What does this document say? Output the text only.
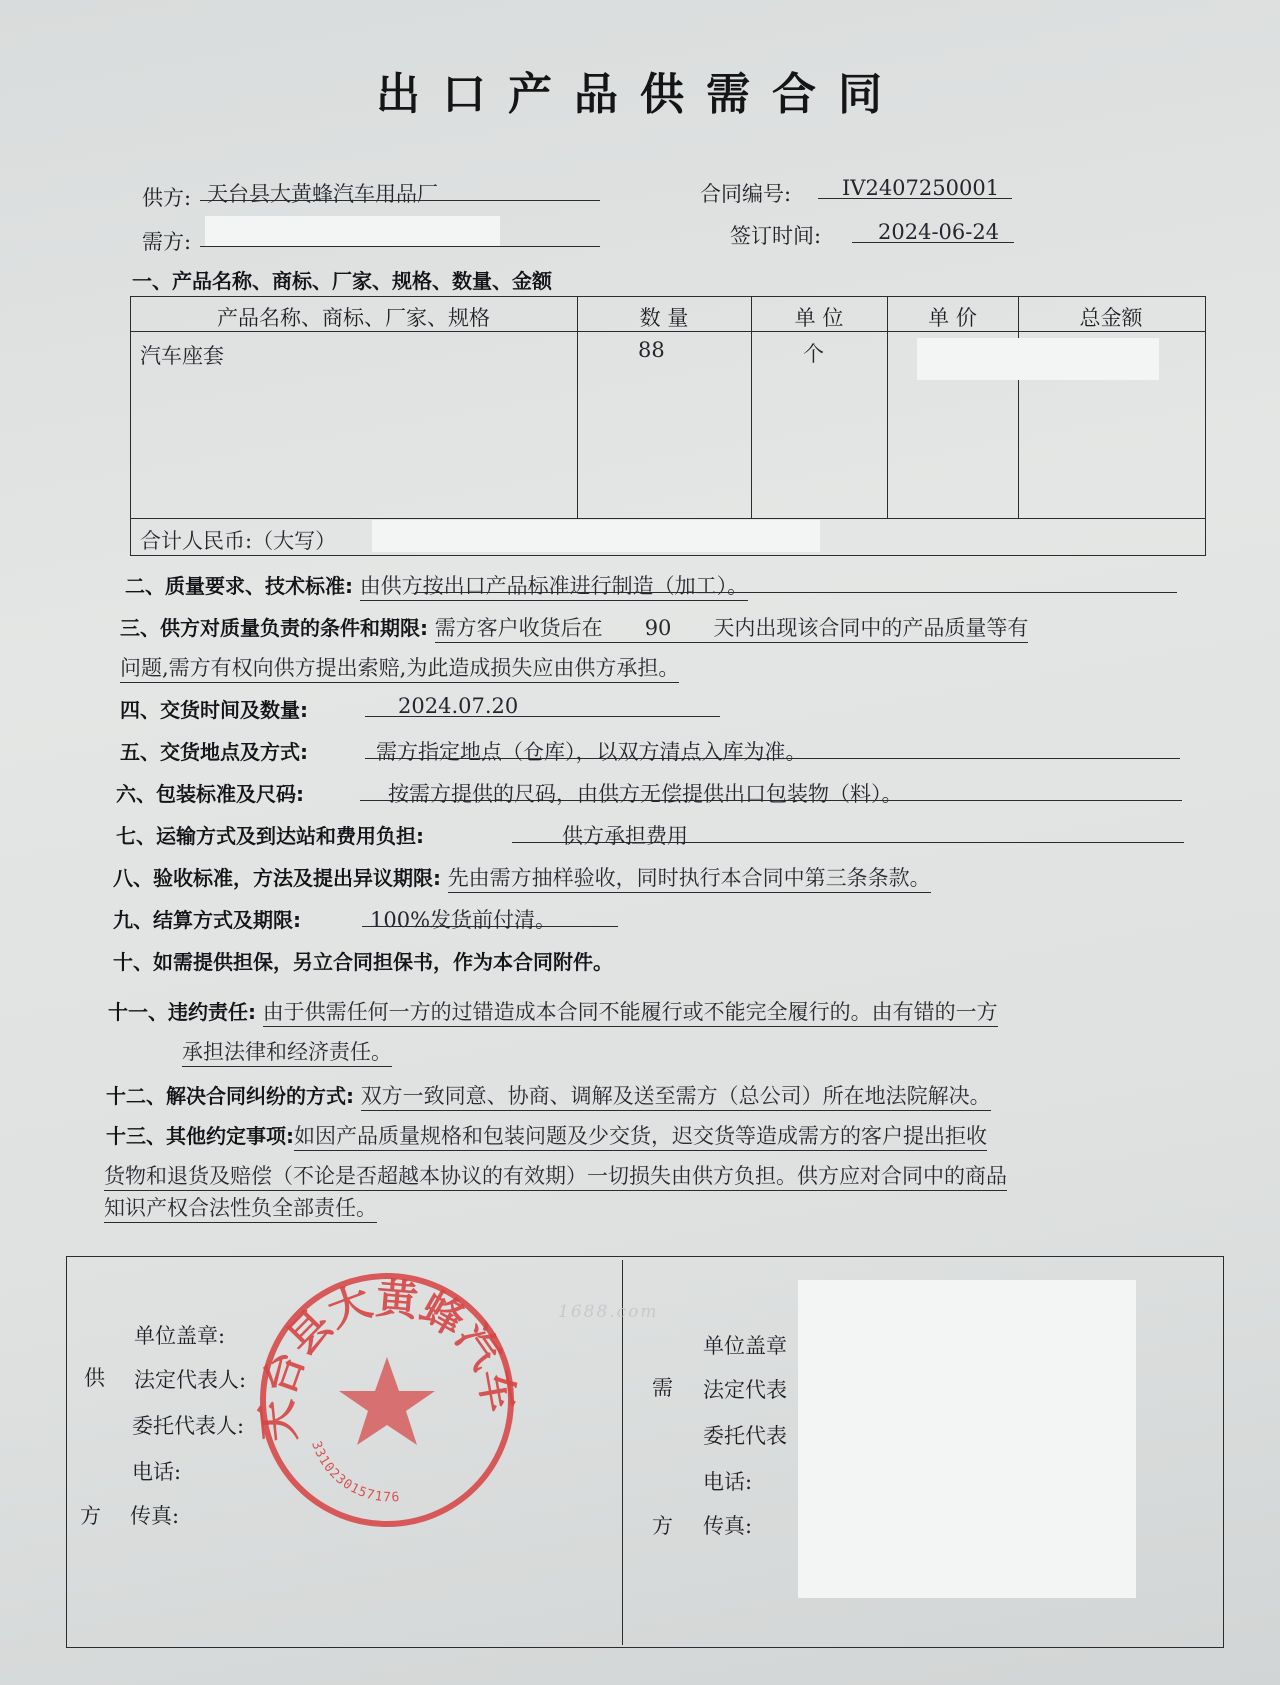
出口产品供需合同
供方: 天台县大黄蜂汽车用品厂
需方:
合同编号: IV2407250001
签订时间:	2024-06-24
一、产品名称、商标、厂家、规格、数量、金额
产品名称、商标、厂家、规格	数 量	单 位	单 价	总金额
汽车座套	88	个
合计人民币:（大写）
二、质量要求、技术标准: 由供方按出口产品标准进行制造（加工）。
三、供方对质量负责的条件和期限: 需方客户收货后在　　 90　　 天内出现该合同中的产品质量等有
问题,需方有权向供方提出索赔,为此造成损失应由供方承担。
四、交货时间及数量:	2024.07.20
五、交货地点及方式:	需方指定地点（仓库），以双方清点入库为准。
六、包装标准及尺码:	按需方提供的尺码，由供方无偿提供出口包装物（料）。
七、运输方式及到达站和费用负担:	供方承担费用
八、验收标准，方法及提出异议期限: 先由需方抽样验收，同时执行本合同中第三条条款。
九、结算方式及期限:	100%发货前付清。
十、如需提供担保，另立合同担保书，作为本合同附件。
十一、违约责任: 由于供需任何一方的过错造成本合同不能履行或不能完全履行的。由有错的一方
承担法律和经济责任。
十二、解决合同纠纷的方式: 双方一致同意、协商、调解及送至需方（总公司）所在地法院解决。
十三、其他约定事项:如因产品质量规格和包装问题及少交货，迟交货等造成需方的客户提出拒收
货物和退货及赔偿（不论是否超越本协议的有效期）一切损失由供方负担。供方应对合同中的商品
知识产权合法性负全部责任。
供
方
单位盖章:
法定代表人:
委托代表人:
电话:
传真:
天台县大黄蜂汽车
3310230157176
1688.com
需
方
单位盖章
法定代表
委托代表
电话:
传真:
